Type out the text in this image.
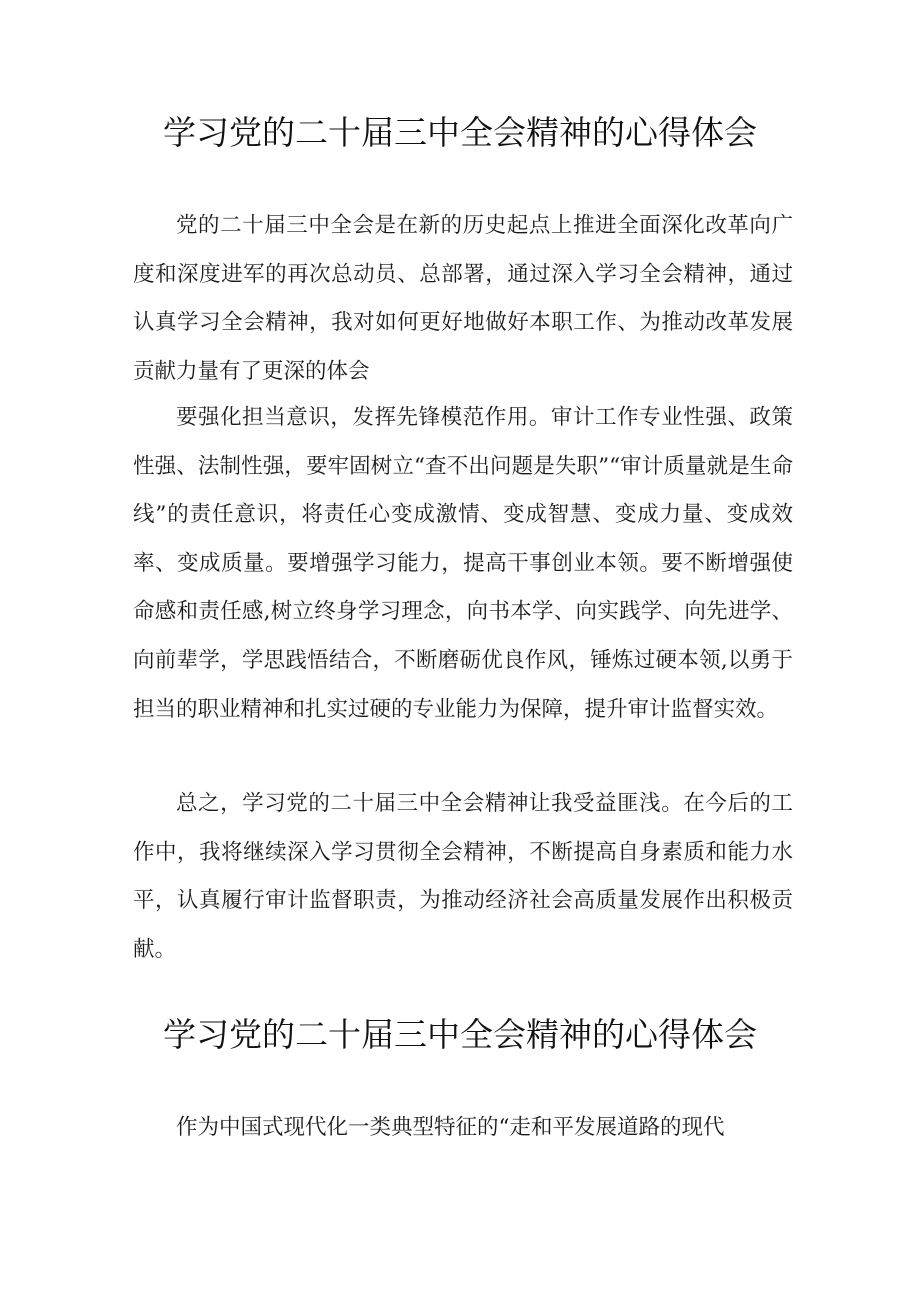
学习党的二十届三中全会精神的心得体会

党的二十届三中全会是在新的历史起点上推进全面深化改革向广度和深度进军的再次总动员、总部署，通过深入学习全会精神，通过认真学习全会精神，我对如何更好地做好本职工作、为推动改革发展贡献力量有了更深的体会

要强化担当意识，发挥先锋模范作用。审计工作专业性强、政策性强、法制性强，要牢固树立“查不出问题是失职”“审计质量就是生命线”的责任意识，将责任心变成激情、变成智慧、变成力量、变成效率、变成质量。要增强学习能力，提高干事创业本领。要不断增强使命感和责任感,树立终身学习理念，向书本学、向实践学、向先进学、向前辈学，学思践悟结合，不断磨砺优良作风，锤炼过硬本领,以勇于担当的职业精神和扎实过硬的专业能力为保障，提升审计监督实效。

总之，学习党的二十届三中全会精神让我受益匪浅。在今后的工作中，我将继续深入学习贯彻全会精神，不断提高自身素质和能力水平，认真履行审计监督职责，为推动经济社会高质量发展作出积极贡献。

学习党的二十届三中全会精神的心得体会

作为中国式现代化一类典型特征的“走和平发展道路的现代
